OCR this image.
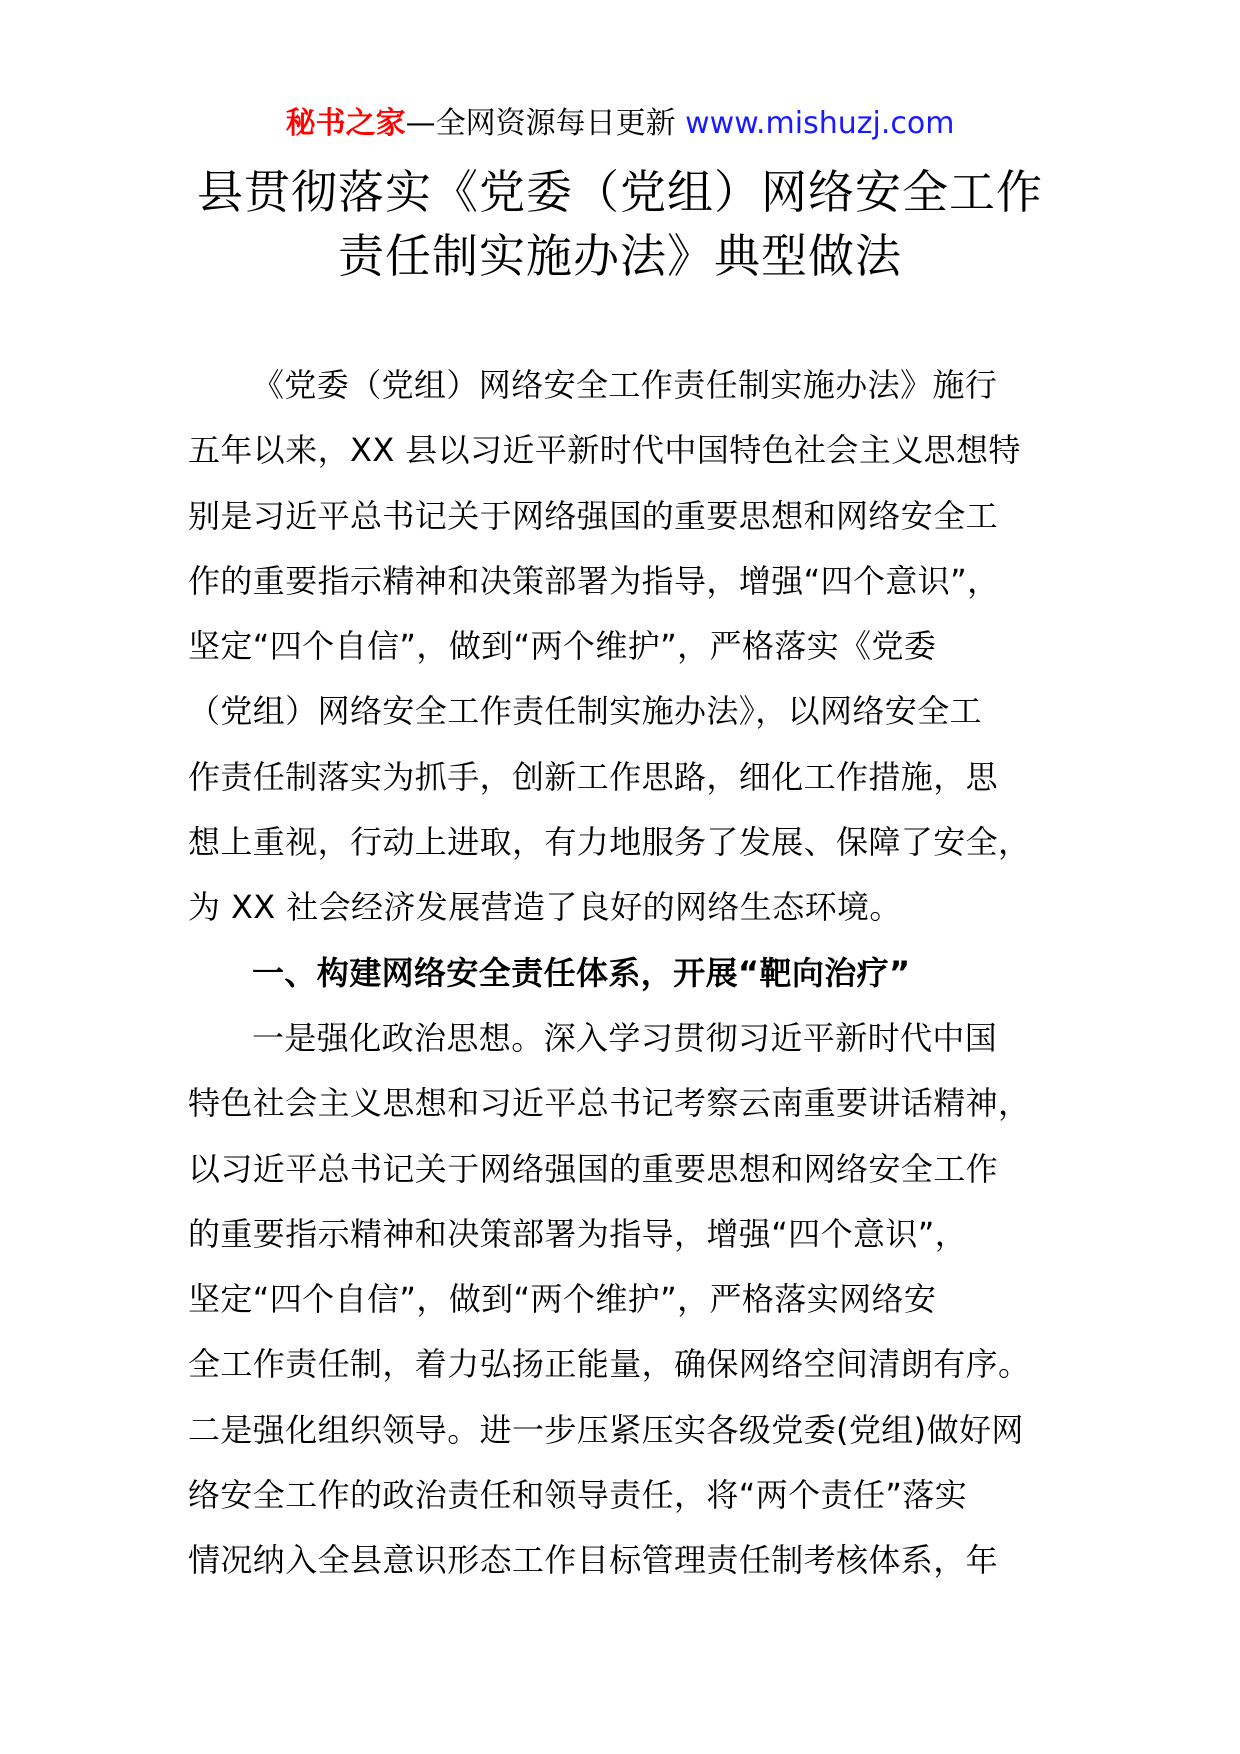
秘书之家—全网资源每日更新 www.mishuzj.com
县贯彻落实《党委（党组）网络安全工作
责任制实施办法》典型做法
《党委（党组）网络安全工作责任制实施办法》施行
五年以来，XX 县以习近平新时代中国特色社会主义思想特
别是习近平总书记关于网络强国的重要思想和网络安全工
作的重要指示精神和决策部署为指导，增强“四个意识”，
坚定“四个自信”，做到“两个维护”，严格落实《党委
（党组）网络安全工作责任制实施办法》，以网络安全工
作责任制落实为抓手，创新工作思路，细化工作措施，思
想上重视，行动上进取，有力地服务了发展、保障了安全，
为 XX 社会经济发展营造了良好的网络生态环境。
一、构建网络安全责任体系，开展“靶向治疗”
一是强化政治思想。深入学习贯彻习近平新时代中国
特色社会主义思想和习近平总书记考察云南重要讲话精神，
以习近平总书记关于网络强国的重要思想和网络安全工作
的重要指示精神和决策部署为指导，增强“四个意识”，
坚定“四个自信”，做到“两个维护”，严格落实网络安
全工作责任制，着力弘扬正能量，确保网络空间清朗有序。
二是强化组织领导。进一步压紧压实各级党委(党组)做好网
络安全工作的政治责任和领导责任，将“两个责任”落实
情况纳入全县意识形态工作目标管理责任制考核体系，年
